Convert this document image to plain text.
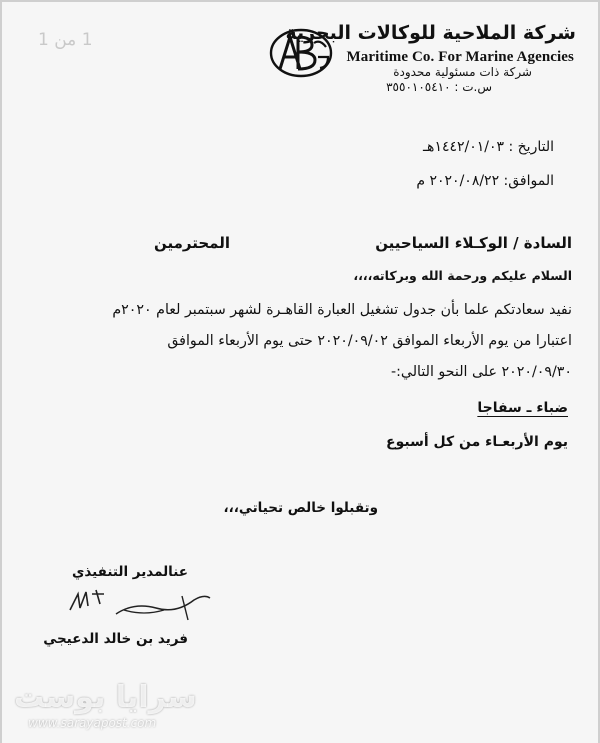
1 من 1	شركة الملاحية للوكالات البحرية
Maritime Co. For Marine Agencies
شركة ذات مسئولية محدودة
س.ت : ٣٥٥٠١٠٥٤١٠
التاريخ : ١٤٤٢/٠١/٠٣هـ
الموافق: ٢٠٢٠/٠٨/٢٢ م
السادة / الوكـلاء السياحيين
المحترمين
السلام عليكم ورحمة الله وبركاته،،،،
نفيد سعادتكم علما بأن جدول تشغيل العبارة القاهـرة لشهر سبتمبر لعام ٢٠٢٠م
اعتبارا من يوم الأربعاء الموافق ٢٠٢٠/٠٩/٠٢ حتى يوم الأربعاء الموافق
٢٠٢٠/٠٩/٣٠ على النحو التالي:-
ضباء ـ سفاجا
يوم الأربعـاء من كل أسبوع
وتقبلوا خالص تحياتي،،،
عنالمدير التنفيذي
فريد بن خالد الدعيجي
سرايا بوست
www.sarayapost.com
